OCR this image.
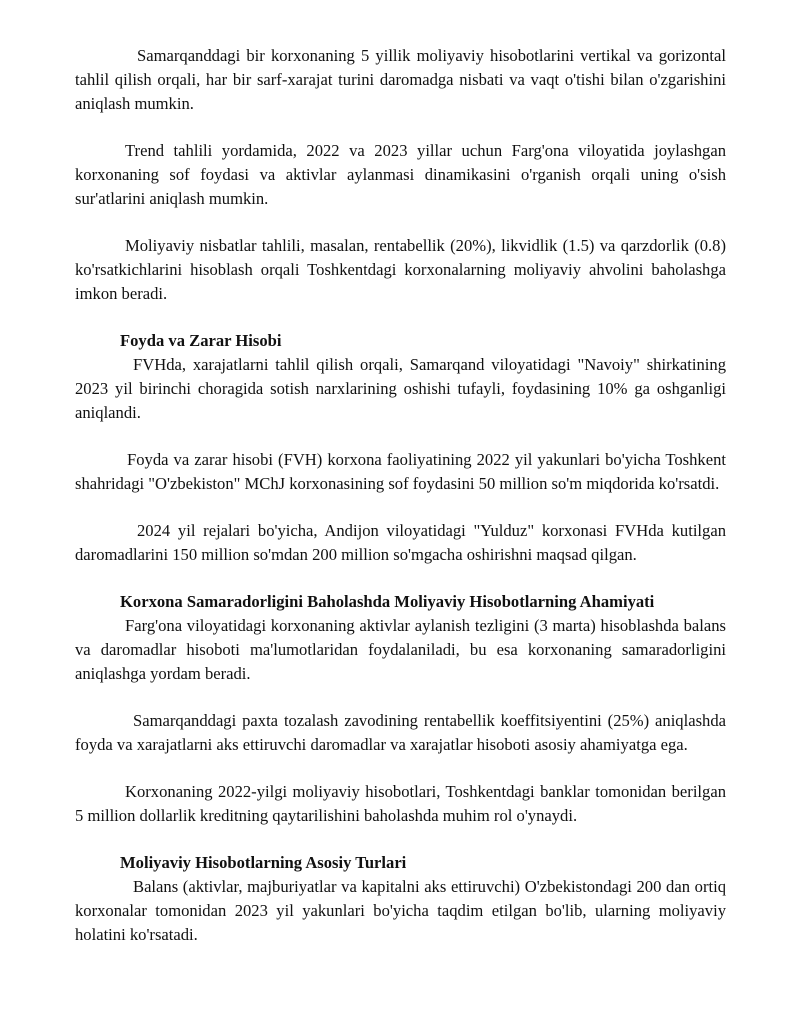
Samarqanddagi bir korxonaning 5 yillik moliyaviy hisobotlarini vertikal va gorizontal tahlil qilish orqali, har bir sarf-xarajat turini daromadga nisbati va vaqt o'tishi bilan o'zgarishini aniqlash mumkin.

Trend tahlili yordamida, 2022 va 2023 yillar uchun Farg'ona viloyatida joylashgan korxonaning sof foydasi va aktivlar aylanmasi dinamikasini o'rganish orqali uning o'sish sur'atlarini aniqlash mumkin.

Moliyaviy nisbatlar tahlili, masalan, rentabellik (20%), likvidlik (1.5) va qarzdorlik (0.8) ko'rsatkichlarini hisoblash orqali Toshkentdagi korxonalarning moliyaviy ahvolini baholashga imkon beradi.

Foyda va Zarar Hisobi

FVHda, xarajatlarni tahlil qilish orqali, Samarqand viloyatidagi "Navoiy" shirkatining 2023 yil birinchi choragida sotish narxlarining oshishi tufayli, foydasining 10% ga oshganligi aniqlandi.

Foyda va zarar hisobi (FVH) korxona faoliyatining 2022 yil yakunlari bo'yicha Toshkent shahridagi "O'zbekiston" MChJ korxonasining sof foydasini 50 million so'm miqdorida ko'rsatdi.

2024 yil rejalari bo'yicha, Andijon viloyatidagi "Yulduz" korxonasi FVHda kutilgan daromadlarini 150 million so'mdan 200 million so'mgacha oshirishni maqsad qilgan.

Korxona Samaradorligini Baholashda Moliyaviy Hisobotlarning Ahamiyati

Farg'ona viloyatidagi korxonaning aktivlar aylanish tezligini (3 marta) hisoblashda balans va daromadlar hisoboti ma'lumotlaridan foydalaniladi, bu esa korxonaning samaradorligini aniqlashga yordam beradi.

Samarqanddagi paxta tozalash zavodining rentabellik koeffitsiyentini (25%) aniqlashda foyda va xarajatlarni aks ettiruvchi daromadlar va xarajatlar hisoboti asosiy ahamiyatga ega.

Korxonaning 2022-yilgi moliyaviy hisobotlari, Toshkentdagi banklar tomonidan berilgan 5 million dollarlik kreditning qaytarilishini baholashda muhim rol o'ynaydi.

Moliyaviy Hisobotlarning Asosiy Turlari

Balans (aktivlar, majburiyatlar va kapitalni aks ettiruvchi) O'zbekistondagi 200 dan ortiq korxonalar tomonidan 2023 yil yakunlari bo'yicha taqdim etilgan bo'lib, ularning moliyaviy holatini ko'rsatadi.
